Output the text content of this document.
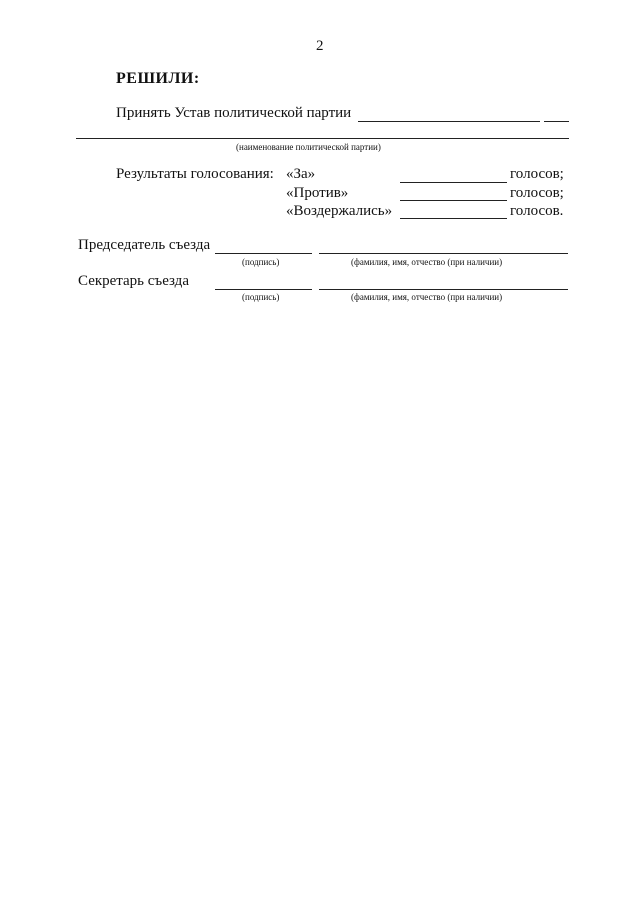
2
РЕШИЛИ:
Принять Устав политической партии
(наименование политической партии)
Результаты голосования: «За»	голосов;
«Против»	голосов;
«Воздержались»	голосов.
Председатель съезда
(подпись)	(фамилия, имя, отчество (при наличии)
Секретарь съезда
(подпись)	(фамилия, имя, отчество (при наличии)
